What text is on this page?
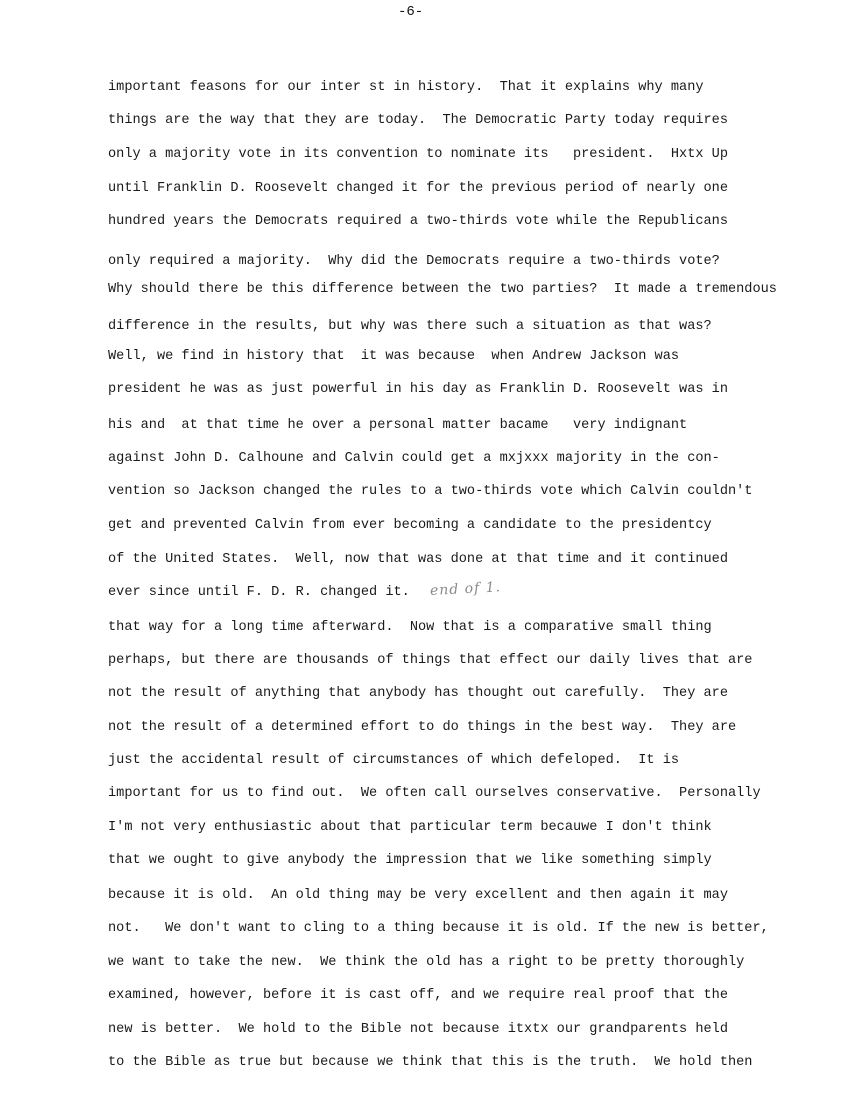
-6-
important feasons for our inter st in history.  That it explains why many
things are the way that they are today.  The Democratic Party today requires
only a majority vote in its convention to nominate its   president.  Hxtx Up
until Franklin D. Roosevelt changed it for the previous period of nearly one
hundred years the Democrats required a two-thirds vote while the Republicans
only required a majority.  Why did the Democrats require a two-thirds vote?
Why should there be this difference between the two parties?  It made a tremendous
difference in the results, but why was there such a situation as that was?
Well, we find in history that  it was because  when Andrew Jackson was
president he was as just powerful in his day as Franklin D. Roosevelt was in
his and  at that time he over a personal matter bacame   very indignant
against John D. Calhoune and Calvin could get a mxjxxx majority in the con-
vention so Jackson changed the rules to a two-thirds vote which Calvin couldn't
get and prevented Calvin from ever becoming a candidate to the presidentcy
of the United States.  Well, now that was done at that time and it continued
ever since until F. D. R. changed it.
that way for a long time afterward.  Now that is a comparative small thing
perhaps, but there are thousands of things that effect our daily lives that are
not the result of anything that anybody has thought out carefully.  They are
not the result of a determined effort to do things in the best way.  They are
just the accidental result of circumstances of which defeloped.  It is
important for us to find out.  We often call ourselves conservative.  Personally
I'm not very enthusiastic about that particular term becauwe I don't think
that we ought to give anybody the impression that we like something simply
because it is old.  An old thing may be very excellent and then again it may
not.   We don't want to cling to a thing because it is old. If the new is better,
we want to take the new.  We think the old has a right to be pretty thoroughly
examined, however, before it is cast off, and we require real proof that the
new is better.  We hold to the Bible not because itxtx our grandparents held
to the Bible as true but because we think that this is the truth.  We hold then
end of 1.
